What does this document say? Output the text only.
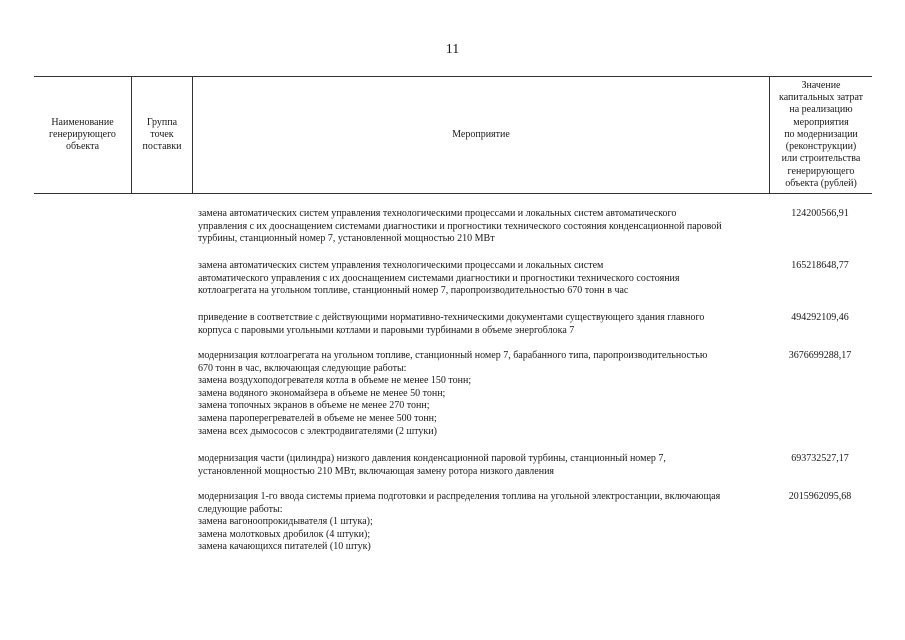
11
Наименование
генерирующего
объекта
Группа
точек
поставки
Мероприятие
Значение
капитальных затрат
на реализацию
мероприятия
по модернизации
(реконструкции)
или строительства
генерирующего
объекта (рублей)
замена автоматических систем управления технологическими процессами и локальных систем автоматического
управления с их дооснащением системами диагностики и прогностики технического состояния конденсационной паровой
турбины, станционный номер 7, установленной мощностью 210 МВт
124200566,91
замена автоматических систем управления технологическими процессами и локальных систем
автоматического управления с их дооснащением системами диагностики и прогностики технического состояния
котлоагрегата на угольном топливе, станционный номер 7, паропроизводительностью 670 тонн в час
165218648,77
приведение в соответствие с действующими нормативно-техническими документами существующего здания главного
корпуса с паровыми угольными котлами и паровыми турбинами в объеме энергоблока 7
494292109,46
модернизация котлоагрегата на угольном топливе, станционный номер 7, барабанного типа, паропроизводительностью
670 тонн в час, включающая следующие работы:
замена воздухоподогревателя котла в объеме не менее 150 тонн;
замена водяного экономайзера в объеме не менее 50 тонн;
замена топочных экранов в объеме не менее 270 тонн;
замена пароперегревателей в объеме не менее 500 тонн;
замена всех дымососов с электродвигателями (2 штуки)
3676699288,17
модернизация части (цилиндра) низкого давления конденсационной паровой турбины, станционный номер 7,
установленной мощностью 210 МВт, включающая замену ротора низкого давления
693732527,17
модернизация 1-го ввода системы приема подготовки и распределения топлива на угольной электростанции, включающая
следующие работы:
замена вагоноопрокидывателя (1 штука);
замена молотковых дробилок (4 штуки);
замена качающихся питателей (10 штук)
2015962095,68
